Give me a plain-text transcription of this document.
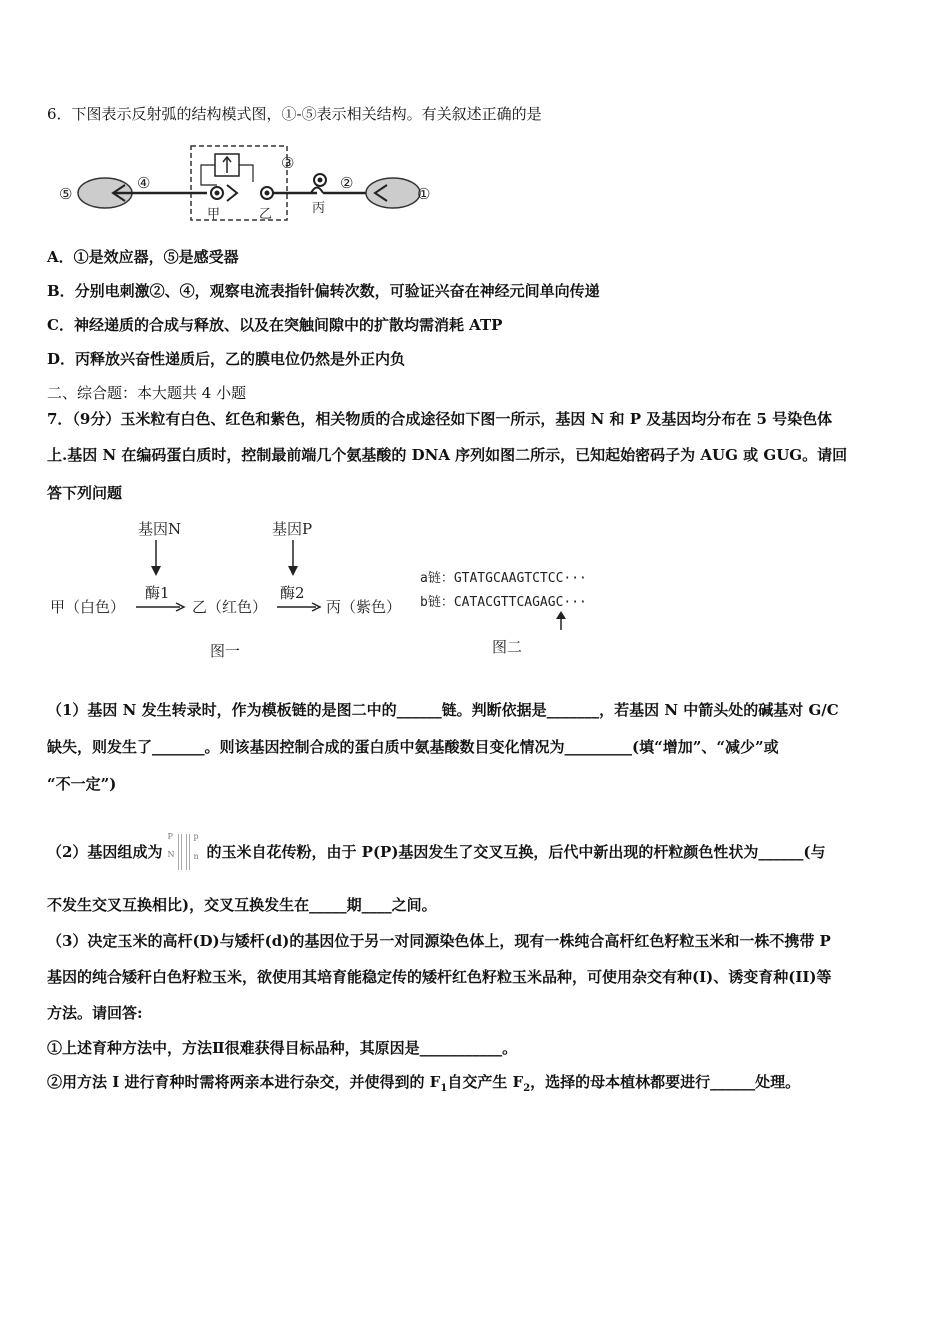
6．下图表示反射弧的结构模式图，①-⑤表示相关结构。有关叙述正确的是
⑤
④
③
甲	乙	丙
②
①
A．①是效应器，⑤是感受器
B．分别电刺激②、④，观察电流表指针偏转次数，可验证兴奋在神经元间单向传递
C．神经递质的合成与释放、以及在突触间隙中的扩散均需消耗 ATP
D．丙释放兴奋性递质后，乙的膜电位仍然是外正内负
二、综合题：本大题共 4 小题
7．（9分）玉米粒有白色、红色和紫色，相关物质的合成途径如下图一所示，基因 N 和 P 及基因均分布在 5 号染色体
上.基因 N 在编码蛋白质时，控制最前端几个氨基酸的 DNA 序列如图二所示，已知起始密码子为 AUG 或 GUG。请回
答下列问题
基因N	基因P
酶1	酶2
甲（白色）	乙（红色）	丙（紫色）
图一
a链：GTATGCAAGTCTCC···
b链：CATACGTTCAGAGC···
图二
（1）基因 N 发生转录时，作为模板链的是图二中的______链。判断依据是_______，若基因 N 中箭头处的碱基对 G/C
缺失，则发生了_______。则该基因控制合成的蛋白质中氨基酸数目变化情况为_________(填“增加”、“减少”或
“不一定”)
（2）基因组成为
P
N
p
n 的玉米自花传粉，由于 P(P)基因发生了交叉互换，后代中新出现的杆粒颜色性状为______(与
不发生交叉互换相比)，交叉互换发生在_____期____之间。
（3）决定玉米的高杆(D)与矮杆(d)的基因位于另一对同源染色体上，现有一株纯合高杆红色籽粒玉米和一株不携带 P
基因的纯合矮秆白色籽粒玉米，欲使用其培育能稳定传的矮杆红色籽粒玉米品种，可使用杂交有种(I)、诱变育种(II)等
方法。请回答:
①上述育种方法中，方法Ⅱ很难获得目标品种，其原因是___________。
②用方法 I 进行育种时需将两亲本进行杂交，并使得到的 $F_1$自交产生 $F_2$，选择的母本植林都要进行______处理。
